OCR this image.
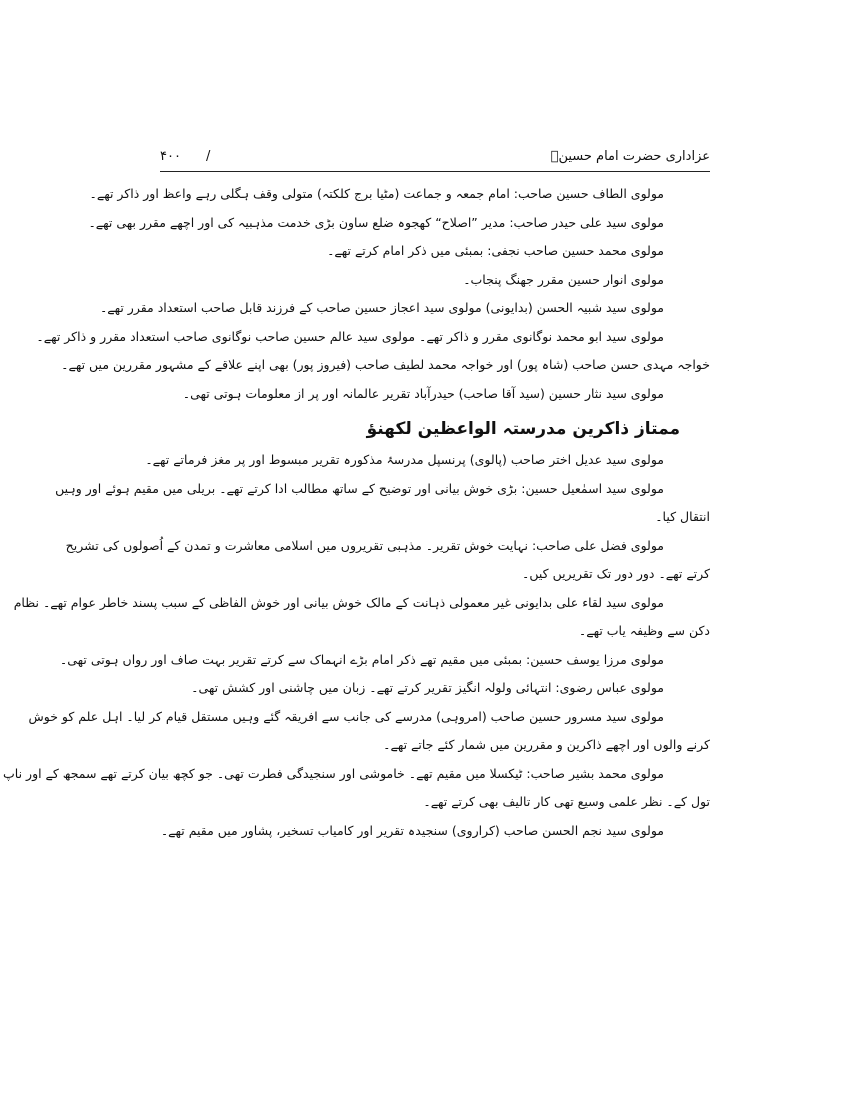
۴۰۰ /	عزاداری حضرت امام حسینؑ
مولوی الطاف حسین صاحب: امام جمعہ و جماعت (مٹیا برج کلکتہ) متولی وقف ہگلی رہے واعظ اور ذاکر تھے۔
مولوی سید علی حیدر صاحب: مدیر ”اصلاح“ کھجوہ ضلع ساون بڑی خدمت مذہبیہ کی اور اچھے مقرر بھی تھے۔
مولوی محمد حسین صاحب نجفی: بمبئی میں ذکر امام کرتے تھے۔
مولوی انوار حسین مقرر جھنگ پنجاب۔
مولوی سید شبیہ الحسن (بدایونی) مولوی سید اعجاز حسین صاحب کے فرزند قابل صاحب استعداد مقرر تھے۔
مولوی سید ابو محمد نوگانوی مقرر و ذاکر تھے۔ مولوی سید عالم حسین صاحب نوگانوی صاحب استعداد مقرر و ذاکر تھے۔
خواجہ مہدی حسن صاحب (شاہ پور) اور خواجہ محمد لطیف صاحب (فیروز پور) بھی اپنے علاقے کے مشہور مقررین میں تھے۔
مولوی سید نثار حسین (سید آقا صاحب) حیدرآباد تقریر عالمانہ اور پر از معلومات ہوتی تھی۔
ممتاز ذاکرین مدرستہ الواعظین لکھنؤ
مولوی سید عدیل اختر صاحب (پالوی) پرنسپل مدرسۂ مذکورہ تقریر مبسوط اور پر مغز فرماتے تھے۔
مولوی سید اسمٰعیل حسین: بڑی خوش بیانی اور توضیح کے ساتھ مطالب ادا کرتے تھے۔ بریلی میں مقیم ہوئے اور وہیں
انتقال کیا۔
مولوی فضل علی صاحب: نہایت خوش تقریر۔ مذہبی تقریروں میں اسلامی معاشرت و تمدن کے اُصولوں کی تشریح
کرتے تھے۔ دور دور تک تقریریں کیں۔
مولوی سید لقاء علی بدایونی غیر معمولی ذہانت کے مالک خوش بیانی اور خوش الفاظی کے سبب پسند خاطر عوام تھے۔ نظام
دکن سے وظیفہ یاب تھے۔
مولوی مرزا یوسف حسین: بمبئی میں مقیم تھے ذکر امام بڑے انہماک سے کرتے تقریر بہت صاف اور رواں ہوتی تھی۔
مولوی عباس رضوی: انتہائی ولولہ انگیز تقریر کرتے تھے۔ زبان میں چاشنی اور کشش تھی۔
مولوی سید مسرور حسین صاحب (امروہی) مدرسے کی جانب سے افریقہ گئے وہیں مستقل قیام کر لیا۔ اہل علم کو خوش
کرنے والوں اور اچھے ذاکرین و مقررین میں شمار کئے جاتے تھے۔
مولوی محمد بشیر صاحب: ٹیکسلا میں مقیم تھے۔ خاموشی اور سنجیدگی فطرت تھی۔ جو کچھ بیان کرتے تھے سمجھ کے اور ناپ
تول کے۔ نظر علمی وسیع تھی کار تالیف بھی کرتے تھے۔
مولوی سید نجم الحسن صاحب (کراروی) سنجیدہ تقریر اور کامیاب تسخیر، پشاور میں مقیم تھے۔
